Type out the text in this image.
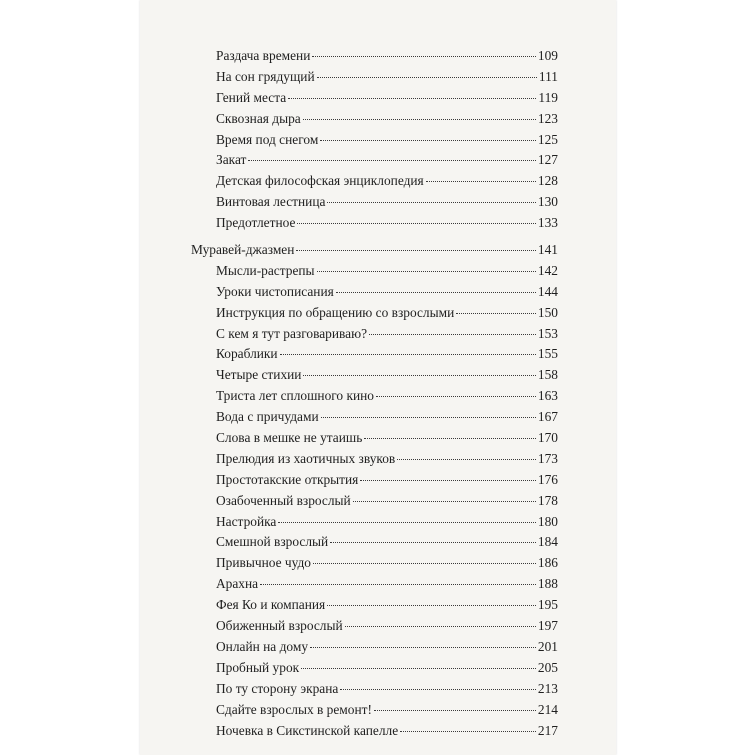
Раздача времени	109
На сон грядущий	111
Гений места	119
Сквозная дыра	123
Время под снегом	125
Закат	127
Детская философская энциклопедия	128
Винтовая лестница	130
Предотлетное	133
Муравей-джазмен	141
Мысли-растрепы	142
Уроки чистописания	144
Инструкция по обращению со взрослыми	150
С кем я тут разговариваю?	153
Кораблики	155
Четыре стихии	158
Триста лет сплошного кино	163
Вода с причудами	167
Слова в мешке не утаишь	170
Прелюдия из хаотичных звуков	173
Простотакские открытия	176
Озабоченный взрослый	178
Настройка	180
Смешной взрослый	184
Привычное чудо	186
Арахна	188
Фея Ко и компания	195
Обиженный взрослый	197
Онлайн на дому	201
Пробный урок	205
По ту сторону экрана	213
Сдайте взрослых в ремонт!	214
Ночевка в Сикстинской капелле	217
